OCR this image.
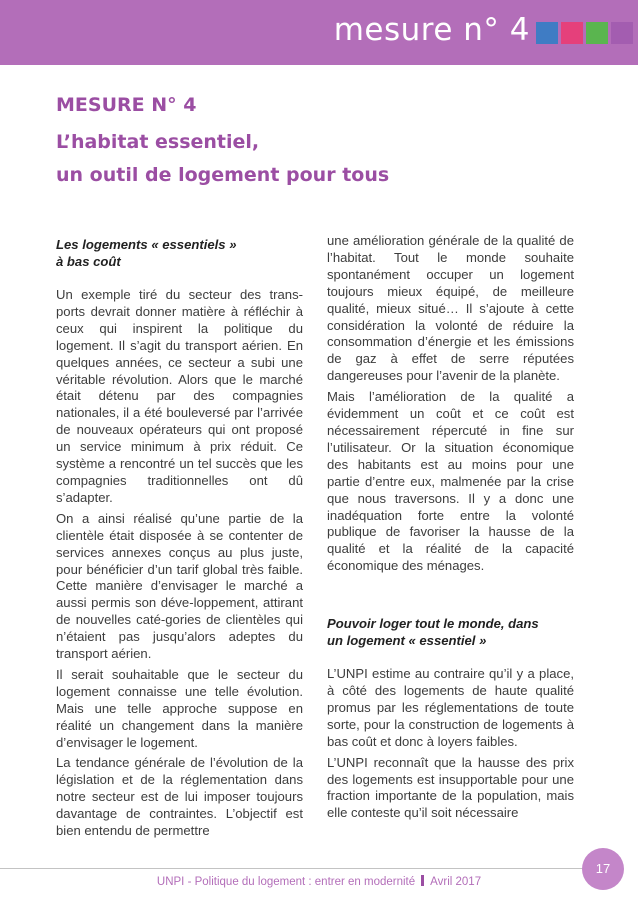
mesure n° 4
MESURE N° 4
L’habitat essentiel,
un outil de logement pour tous
Les logements « essentiels »
à bas coût

Un exemple tiré du secteur des trans-ports devrait donner matière à réfléchir à ceux qui inspirent la politique du logement. Il s’agit du transport aérien. En quelques années, ce secteur a subi une véritable révolution. Alors que le marché était détenu par des compagnies nationales, il a été bouleversé par l’arrivée de nouveaux opérateurs qui ont proposé un service minimum à prix réduit. Ce système a rencontré un tel succès que les compagnies traditionnelles ont dû s’adapter.

On a ainsi réalisé qu’une partie de la clientèle était disposée à se contenter de services annexes conçus au plus juste, pour bénéficier d’un tarif global très faible. Cette manière d’envisager le marché a aussi permis son déve-loppement, attirant de nouvelles caté-gories de clientèles qui n’étaient pas jusqu’alors adeptes du transport aérien.

Il serait souhaitable que le secteur du logement connaisse une telle évolution. Mais une telle approche suppose en réalité un changement dans la manière d’envisager le logement.

La tendance générale de l’évolution de la législation et de la réglementation dans notre secteur est de lui imposer toujours davantage de contraintes. L’objectif est bien entendu de permettre

une amélioration générale de la qualité de l’habitat. Tout le monde souhaite spontanément occuper un logement toujours mieux équipé, de meilleure qualité, mieux situé… Il s’ajoute à cette considération la volonté de réduire la consommation d’énergie et les émissions de gaz à effet de serre réputées dangereuses pour l’avenir de la planète.

Mais l’amélioration de la qualité a évidemment un coût et ce coût est nécessairement répercuté in fine sur l’utilisateur. Or la situation économique des habitants est au moins pour une partie d’entre eux, malmenée par la crise que nous traversons. Il y a donc une inadéquation forte entre la volonté publique de favoriser la hausse de la qualité et la réalité de la capacité économique des ménages.

Pouvoir loger tout le monde, dans
un logement « essentiel »

L’UNPI estime au contraire qu’il y a place, à côté des logements de haute qualité promus par les réglementations de toute sorte, pour la construction de logements à bas coût et donc à loyers faibles.

L’UNPI reconnaît que la hausse des prix des logements est insupportable pour une fraction importante de la population, mais elle conteste qu’il soit nécessaire

UNPI - Politique du logement : entrer en modernité Avril 2017
17
